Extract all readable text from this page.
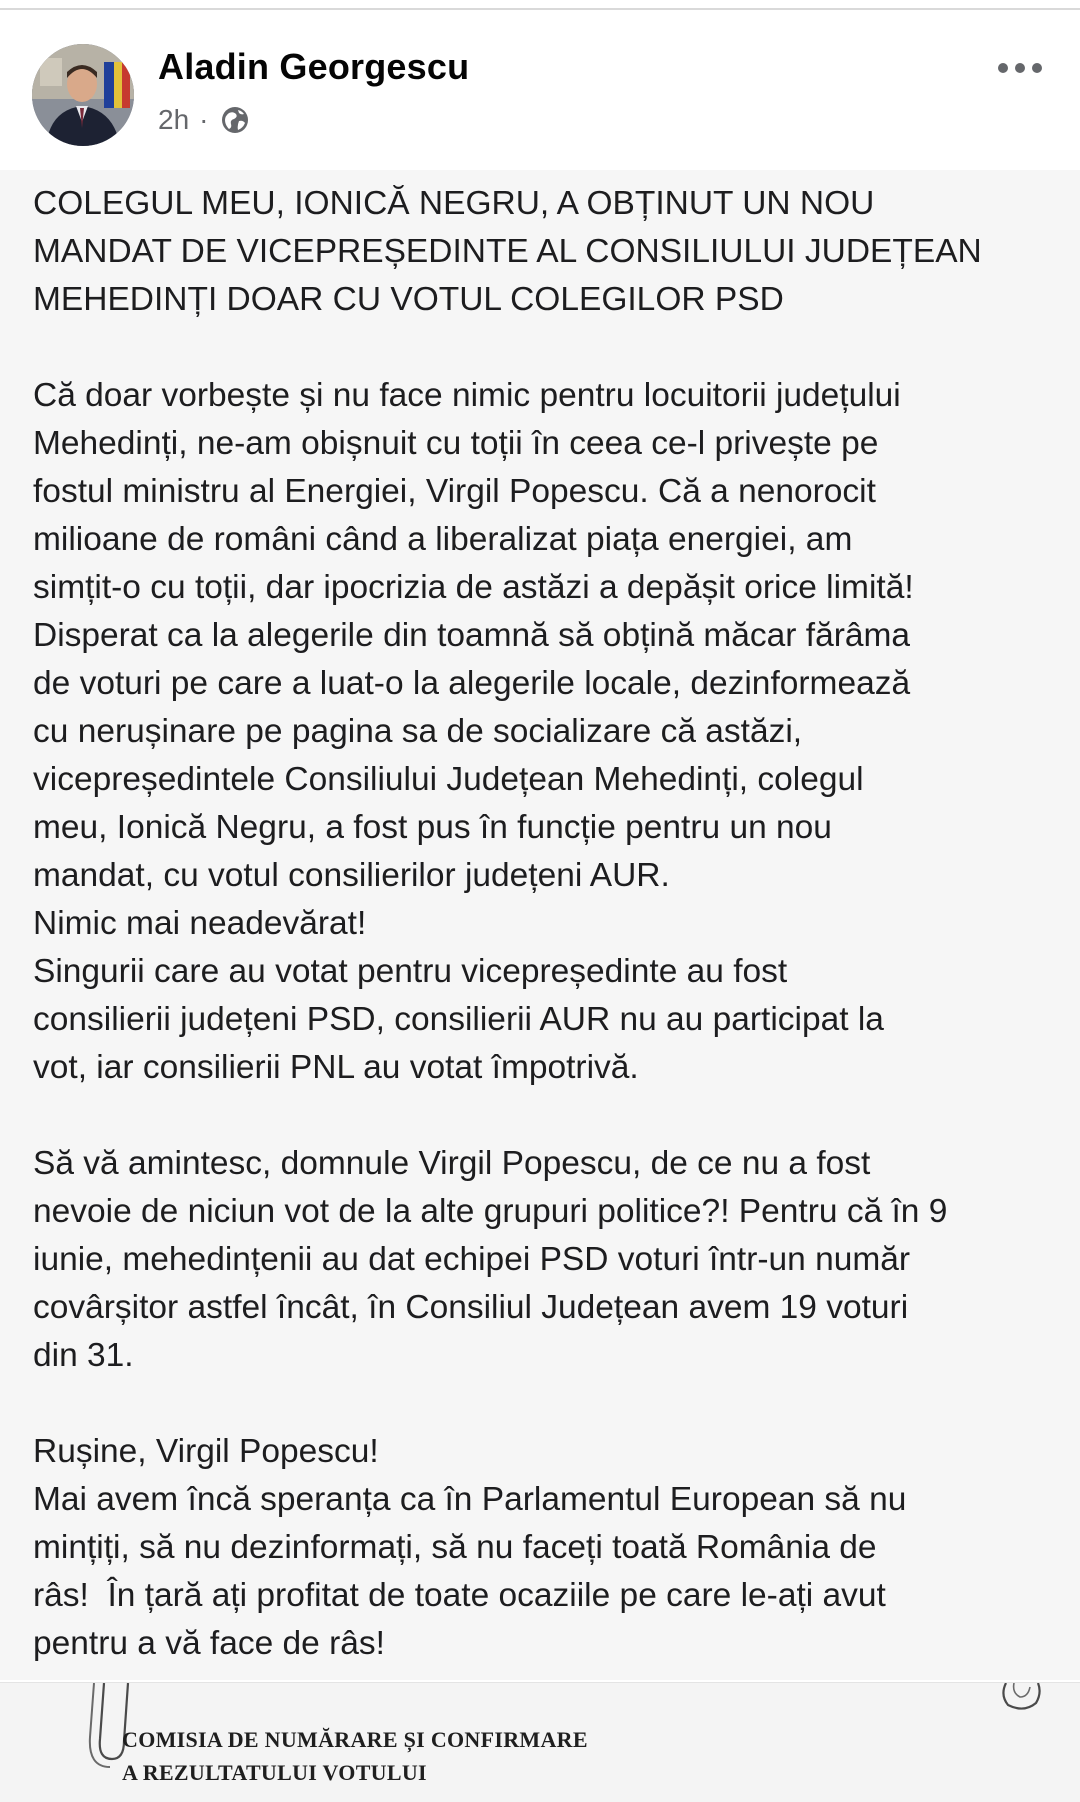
Aladin Georgescu
2h ·

COLEGUL MEU, IONICĂ NEGRU, A OBȚINUT UN NOU
MANDAT DE VICEPREȘEDINTE AL CONSILIULUI JUDEȚEAN
MEHEDINȚI DOAR CU VOTUL COLEGILOR PSD

Că doar vorbește și nu face nimic pentru locuitorii județului
Mehedinți, ne-am obișnuit cu toții în ceea ce-l privește pe
fostul ministru al Energiei, Virgil Popescu. Că a nenorocit
milioane de români când a liberalizat piața energiei, am
simțit-o cu toții, dar ipocrizia de astăzi a depășit orice limită!
Disperat ca la alegerile din toamnă să obțină măcar fărâma
de voturi pe care a luat-o la alegerile locale, dezinformează
cu nerușinare pe pagina sa de socializare că astăzi,
vicepreședintele Consiliului Județean Mehedinți, colegul
meu, Ionică Negru, a fost pus în funcție pentru un nou
mandat, cu votul consilierilor județeni AUR.
Nimic mai neadevărat!
Singurii care au votat pentru vicepreședinte au fost
consilierii județeni PSD, consilierii AUR nu au participat la
vot, iar consilierii PNL au votat împotrivă.

Să vă amintesc, domnule Virgil Popescu, de ce nu a fost
nevoie de niciun vot de la alte grupuri politice?! Pentru că în 9
iunie, mehedințenii au dat echipei PSD voturi într-un număr
covârșitor astfel încât, în Consiliul Județean avem 19 voturi
din 31.

Rușine, Virgil Popescu!
Mai avem încă speranța ca în Parlamentul European să nu
mințiți, să nu dezinformați, să nu faceți toată România de
râs!  În țară ați profitat de toate ocaziile pe care le-ați avut
pentru a vă face de râs!

COMISIA DE NUMĂRARE ȘI CONFIRMARE
A REZULTATULUI VOTULUI
